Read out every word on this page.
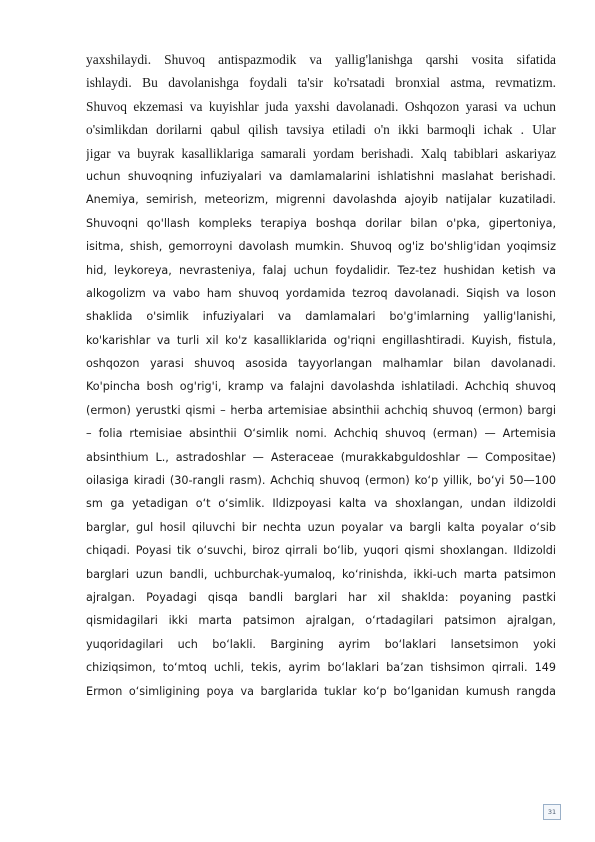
yaxshilaydi. Shuvoq antispazmodik va yallig'lanishga qarshi vosita sifatida
ishlaydi. Bu davolanishga foydali ta'sir ko'rsatadi bronxial astma, revmatizm.
Shuvoq ekzemasi va kuyishlar juda yaxshi davolanadi. Oshqozon yarasi va uchun
o'simlikdan dorilarni qabul qilish tavsiya etiladi o'n ikki barmoqli ichak . Ular
jigar va buyrak kasalliklariga samarali yordam berishadi. Xalq tabiblari askariyaz
uchun shuvoqning infuziyalari va damlamalarini ishlatishni maslahat berishadi.
Anemiya, semirish, meteorizm, migrenni davolashda ajoyib natijalar kuzatiladi.
Shuvoqni qo'llash kompleks terapiya boshqa dorilar bilan o'pka, gipertoniya,
isitma, shish, gemorroyni davolash mumkin. Shuvoq og'iz bo'shlig'idan yoqimsiz
hid, leykoreya, nevrasteniya, falaj uchun foydalidir. Tez-tez hushidan ketish va
alkogolizm va vabo ham shuvoq yordamida tezroq davolanadi. Siqish va loson
shaklida o'simlik infuziyalari va damlamalari bo'g'imlarning yallig'lanishi,
ko'karishlar va turli xil ko'z kasalliklarida og'riqni engillashtiradi. Kuyish, fistula,
oshqozon yarasi shuvoq asosida tayyorlangan malhamlar bilan davolanadi.
Ko'pincha bosh og'rig'i, kramp va falajni davolashda ishlatiladi. Achchiq shuvoq
(ermon) yerustki qismi – herba artemisiae absinthii achchiq shuvoq (ermon) bargi
– folia rtemisiae absinthii O‘simlik nomi. Achchiq shuvoq (erman) — Artemisia
absinthium L., astradoshlar — Asteraceae (murakkabguldoshlar — Compositae)
oilasiga kiradi (30-rangli rasm). Achchiq shuvoq (ermon) ko‘p yillik, bo‘yi 50—100
sm ga yetadigan o‘t o‘simlik. Ildizpoyasi kalta va shoxlangan, undan ildizoldi
barglar, gul hosil qiluvchi bir nechta uzun poyalar va bargli kalta poyalar o‘sib
chiqadi. Poyasi tik o‘suvchi, biroz qirrali bo‘lib, yuqori qismi shoxlangan. Ildizoldi
barglari uzun bandli, uchburchak-yumaloq, ko‘rinishda, ikki-uch marta patsimon
ajralgan. Poyadagi qisqa bandli barglari har xil shaklda: poyaning pastki
qismidagilari ikki marta patsimon ajralgan, o‘rtadagilari patsimon ajralgan,
yuqoridagilari uch bo‘lakli. Bargining ayrim bo‘laklari lansetsimon yoki
chiziqsimon, to‘mtoq uchli, tekis, ayrim bo‘laklari ba’zan tishsimon qirrali. 149
Ermon o‘simligining poya va barglarida tuklar ko‘p bo‘lganidan kumush rangda
31
